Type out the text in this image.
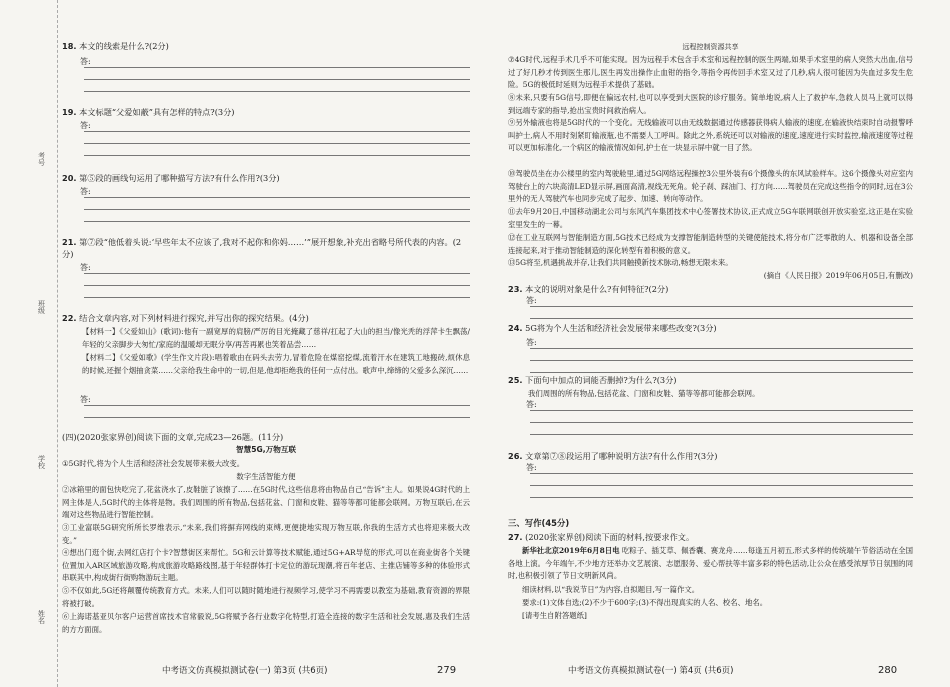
考号
班级
学校
姓名
18. 本文的线索是什么?(2分)
答:
19. 本文标题“父爱如蔽”具有怎样的特点?(3分)
答:
20. 第⑤段的画线句运用了哪种描写方法?有什么作用?(3分)
答:
21. 第⑦段“他低着头说:‘早些年太不应该了,我对不起你和你妈……’”展开想象,补充出省略号所代表的内容。(2分)
答:
22. 结合文章内容,对下列材料进行探究,并写出你的探究结果。(4分)
【材料一】《父爱如山》(歌词):他有一副宽厚的肩膀/严厉的目光掩藏了慈祥/扛起了大山的担当/像光秃的浮萍卡生飘荡/年轻的父亲脚步大匆忙/家庭的温暖却无眠分享/再苦再累也笑着品尝……
【材料二】《父爱如歌》(学生作文片段):唱着歌由在码头去劳力,冒着危险在煤窑挖煤,流着汗水在建筑工地搬砖,烦休息的时候,还握个烟抽贪菜……父亲给我生命中的一切,但是,他却拒绝我的任何一点付出。歌声中,缔缔的父爱多么深沉……
答:
(四)(2020张家界创)阅读下面的文章,完成23—26题。(11分)
智慧5G,万物互联
①5G时代,将为个人生活和经济社会发展带来极大改变。
数字生活智能方便
②冰箱里的面包快吃完了,花盆浇水了,皮鞋脏了该擦了……在5G时代,这些信息将由物品自己“告诉”主人。如果说4G时代的上网主体是人,5G时代的主体将是物。我们周围的所有物品,包括花盆、门窗和皮鞋、猫等等都可能都会联网。万物互联后,在云端对这些物品进行智能控制。
③工业富联5G研究所所长罗维表示,“未来,我们将摒弃网线的束缚,更便捷地实现万物互联,你我的生活方式也将迎来极大改变。”
④想出门逛个街,去网红店打个卡?智慧街区来帮忙。5G和云计算等技术赋能,通过5G+AR导览的形式,可以在商业街各个关键位置加入AR区域旅游攻略,构成旅游攻略路线图,基于年轻群体打卡定位的游玩现潮,将百年老店、主推店铺等多种的体验形式串联其中,构成街行街购物游玩主题。
⑤不仅如此,5G还将颠覆传统教育方式。未来,人们可以随时随地进行视频学习,使学习不再需要以教室为基础,教育资源的界限将被打破。
⑥上海诺基亚贝尔客户运营首席技术官常毅说,5G将赋予各行业数字化特型,打造全连接的数字生活和社会发展,惠及我们生活的方方面面。
中考语文仿真模拟测试卷(一) 第3页 (共6页)	279
远程控制资源共享
⑦4G时代,远程手术几乎不可能实现。因为远程手术包含手术室和远程控制的医生两端,如果手术室里的病人突然大出血,信号过了好几秒才传到医生那儿,医生再发出操作止血钳的指令,等指令再传回手术室又过了几秒,病人很可能因为失血过多发生危险。5G的极低时延则为远程手术提供了基础。
⑧未来,只要有5G信号,即便在偏远农村,也可以享受到大医院的诊疗服务。简单地说,病人上了救护车,急救人员马上就可以得到远端专家的指导,抢出宝贵时间救治病人。
⑨另外输液也将是5G时代的一个变化。无线输液可以由无线数据通过传感器获得病人输液的速度,在输液快结束时自动报警呼叫护士,病人不用时刻紧盯输液瓶,也不需要人工呼叫。除此之外,系统还可以对输液的速度,速度进行实时监控,输液速度等过程可以更加标准化,一个病区的输液情况如何,护士在一块显示屏中就一目了然。
⑩驾驶员坐在办公楼里的室内驾驶舱里,通过5G网络远程操控3公里外装有6个摄像头的东风试验样车。这6个摄像头对应室内驾驶台上的六块高清LED显示屏,画面高清,视线无死角。轮子刹、踩油门、打方向……驾驶员在完成这些指令的同时,远在3公里外的无人驾驶汽车也同步完成了起步、加速、转向等动作。
⑪去年9月20日,中国移动湖北公司与东风汽车集团技术中心签署技术协议,正式成立5G车联网联创开放实验室,这正是在实验室里发生的一幕。
⑫在工业互联网与智能制造方面,5G技术已经成为支撑智能制造转型的关键使能技术,将分布广泛零散的人、机器和设备全部连接起来,对于推动智能制造的深化转型有着积极的意义。
⑬5G将至,机遇挑战并存,让我们共同触摸新技术脉动,畅想无限未来。
(摘自《人民日报》2019年06月05日,有删改)
23. 本文的说明对象是什么?有何特征?(2分)
答:
24. 5G将为个人生活和经济社会发展带来哪些改变?(3分)
答:
25. 下面句中加点的词能否删掉?为什么?(3分)
我们周围的所有物品,包括花盆、门窗和皮鞋、猫等等都可能都会联网。
答:
26. 文章第⑦⑧段运用了哪种说明方法?有什么作用?(3分)
答:
三、写作(45分)
27. (2020张家界创)阅读下面的材料,按要求作文。
新华社北京2019年6月8日电 吃粽子、插艾草、佩香囊、赛龙舟……每逢五月初五,形式多样的传统端午节俗活动在全国各地上演。今年端午,不少地方还举办文艺展演、志愿服务、爱心帮扶等丰富多彩的特色活动,让公众在感受浓厚节日氛围的同时,也积极引领了节日文明新风尚。
细读材料,以“我说节日”为内容,自拟题目,写一篇作文。
要求:(1)文体自选;(2)不少于600字;(3)不得出现真实的人名、校名、地名。
[请考生自附答题纸]
中考语文仿真模拟测试卷(一) 第4页 (共6页)	280
